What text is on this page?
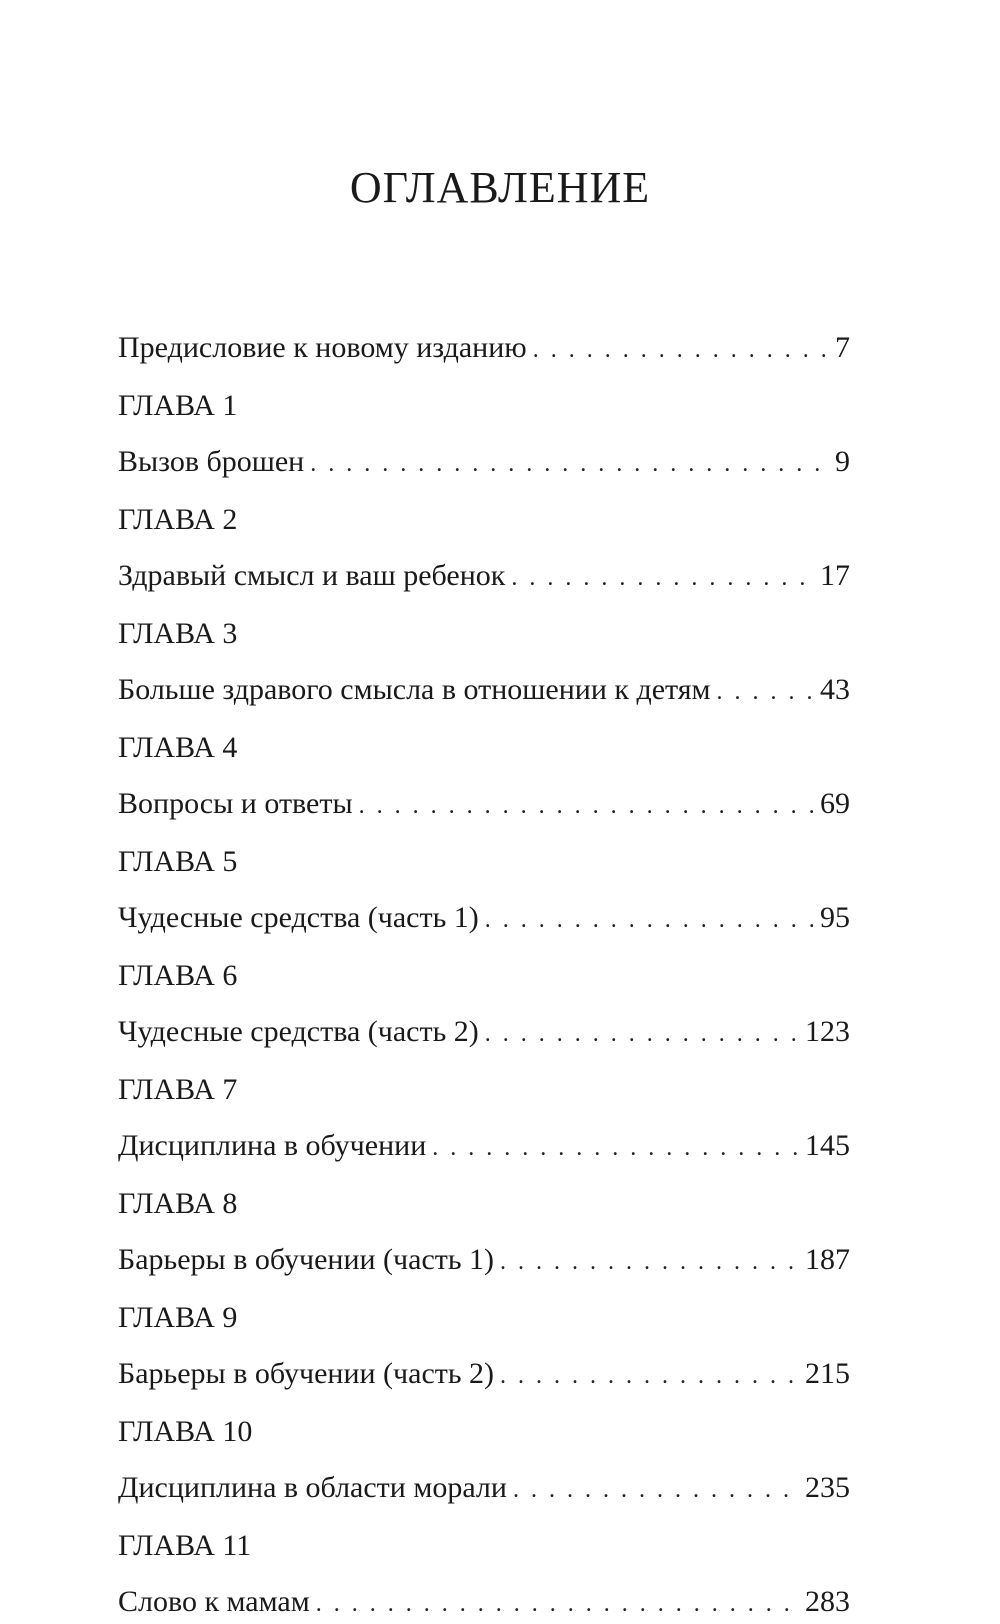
ОГЛАВЛЕНИЕ
Предисловие к новому изданию . . .	7
ГЛАВА 1
Вызов брошен . . .	9
ГЛАВА 2
Здравый смысл и ваш ребенок . . .	17
ГЛАВА 3
Больше здравого смысла в отношении к детям . . .	43
ГЛАВА 4
Вопросы и ответы . . .	69
ГЛАВА 5
Чудесные средства (часть 1) . . .	95
ГЛАВА 6
Чудесные средства (часть 2) . . .	123
ГЛАВА 7
Дисциплина в обучении . . .	145
ГЛАВА 8
Барьеры в обучении (часть 1) . . .	187
ГЛАВА 9
Барьеры в обучении (часть 2) . . .	215
ГЛАВА 10
Дисциплина в области морали . . .	235
ГЛАВА 11
Слово к мамам . . .	283
